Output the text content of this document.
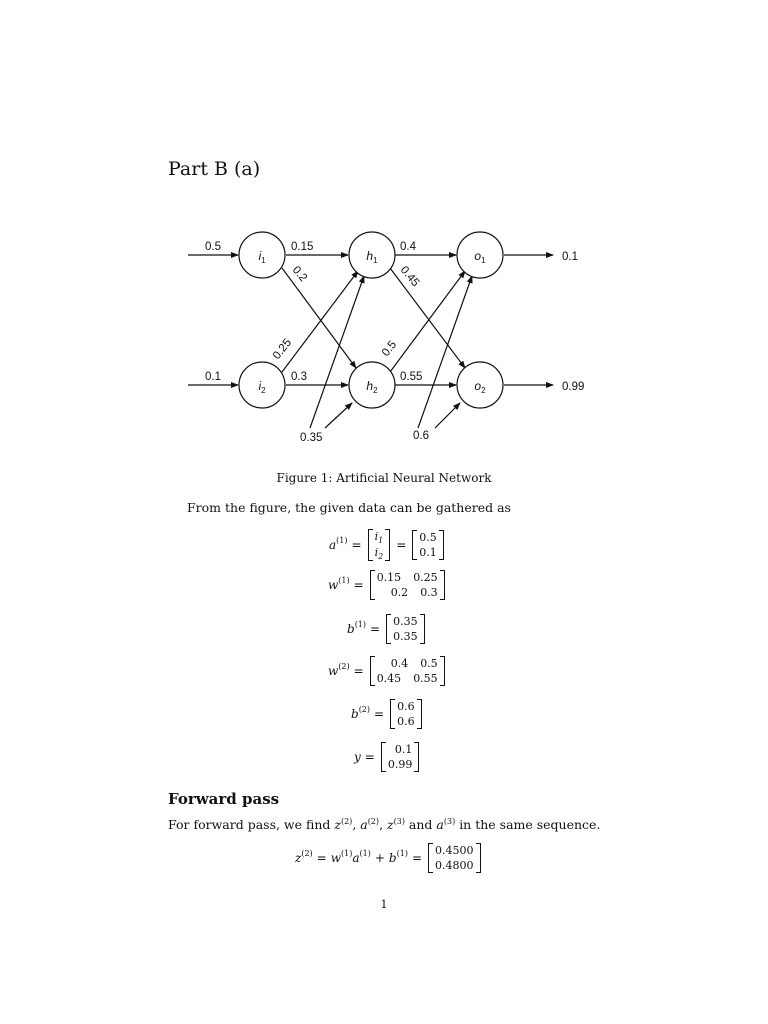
Part B (a)
$i_1$
$i_2$
$h_1$
$h_2$
$o_1$
$o_2$
0.5
0.1
0.15
0.3
0.2
0.25
0.4
0.55
0.45
0.5
0.35	0.6
0.1
0.99
Figure 1: Artificial Neural Network
From the figure, the given data can be gathered as
a (1) =
$i_1$
$i_2$
=
0.5
0.1
w (1) =
0.15 0.25
0.2 0.3
b (1) =
0.35
0.35
w (2) =
0.4 0.5
0.45 0.55
b (2) =
0.6
0.6
y =
0.1
0.99
Forward pass
For forward pass, we find $z^{(2)}$, $a^{(2)}$, $z^{(3)}$ and $a^{(3)}$ in the same sequence.
z (2) = w (1) a (1) + b (1) =
0.4500
0.4800
1
